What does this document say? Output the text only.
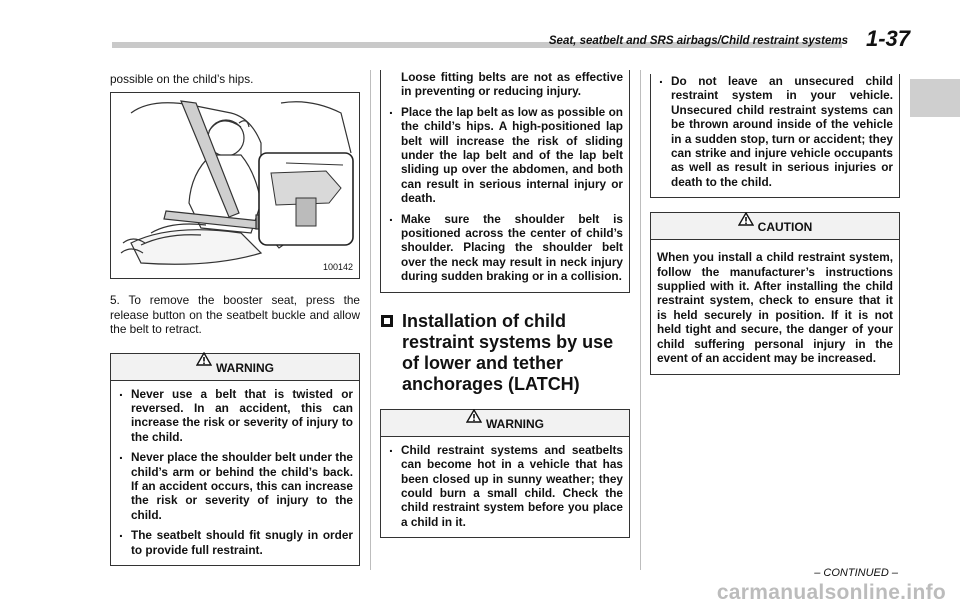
Seat, seatbelt and SRS airbags/Child restraint systems 1-37

possible on the child’s hips.

100142

5. To remove the booster seat, press the release button on the seatbelt buckle and allow the belt to retract.

WARNING
. Never use a belt that is twisted or reversed. In an accident, this can increase the risk or severity of injury to the child.
. Never place the shoulder belt under the child’s arm or behind the child’s back. If an accident occurs, this can increase the risk or severity of injury to the child.
. The seatbelt should fit snugly in order to provide full restraint.
Loose fitting belts are not as effective in preventing or reducing injury.
. Place the lap belt as low as possible on the child’s hips. A high-positioned lap belt will increase the risk of sliding under the lap belt and of the lap belt sliding up over the abdomen, and both can result in serious internal injury or death.
. Make sure the shoulder belt is positioned across the center of child’s shoulder. Placing the shoulder belt over the neck may result in neck injury during sudden braking or in a collision.
Installation of child restraint systems by use of lower and tether anchorages (LATCH)
WARNING
. Child restraint systems and seatbelts can become hot in a vehicle that has been closed up in sunny weather; they could burn a small child. Check the child restraint system before you place a child in it.
. Do not leave an unsecured child restraint system in your vehicle. Unsecured child restraint systems can be thrown around inside of the vehicle in a sudden stop, turn or accident; they can strike and injure vehicle occupants as well as result in serious injuries or death to the child.
CAUTION
When you install a child restraint system, follow the manufacturer’s instructions supplied with it. After installing the child restraint system, check to ensure that it is held securely in position. If it is not held tight and secure, the danger of your child suffering personal injury in the event of an accident may be increased.
– CONTINUED –
carmanualsonline.info
